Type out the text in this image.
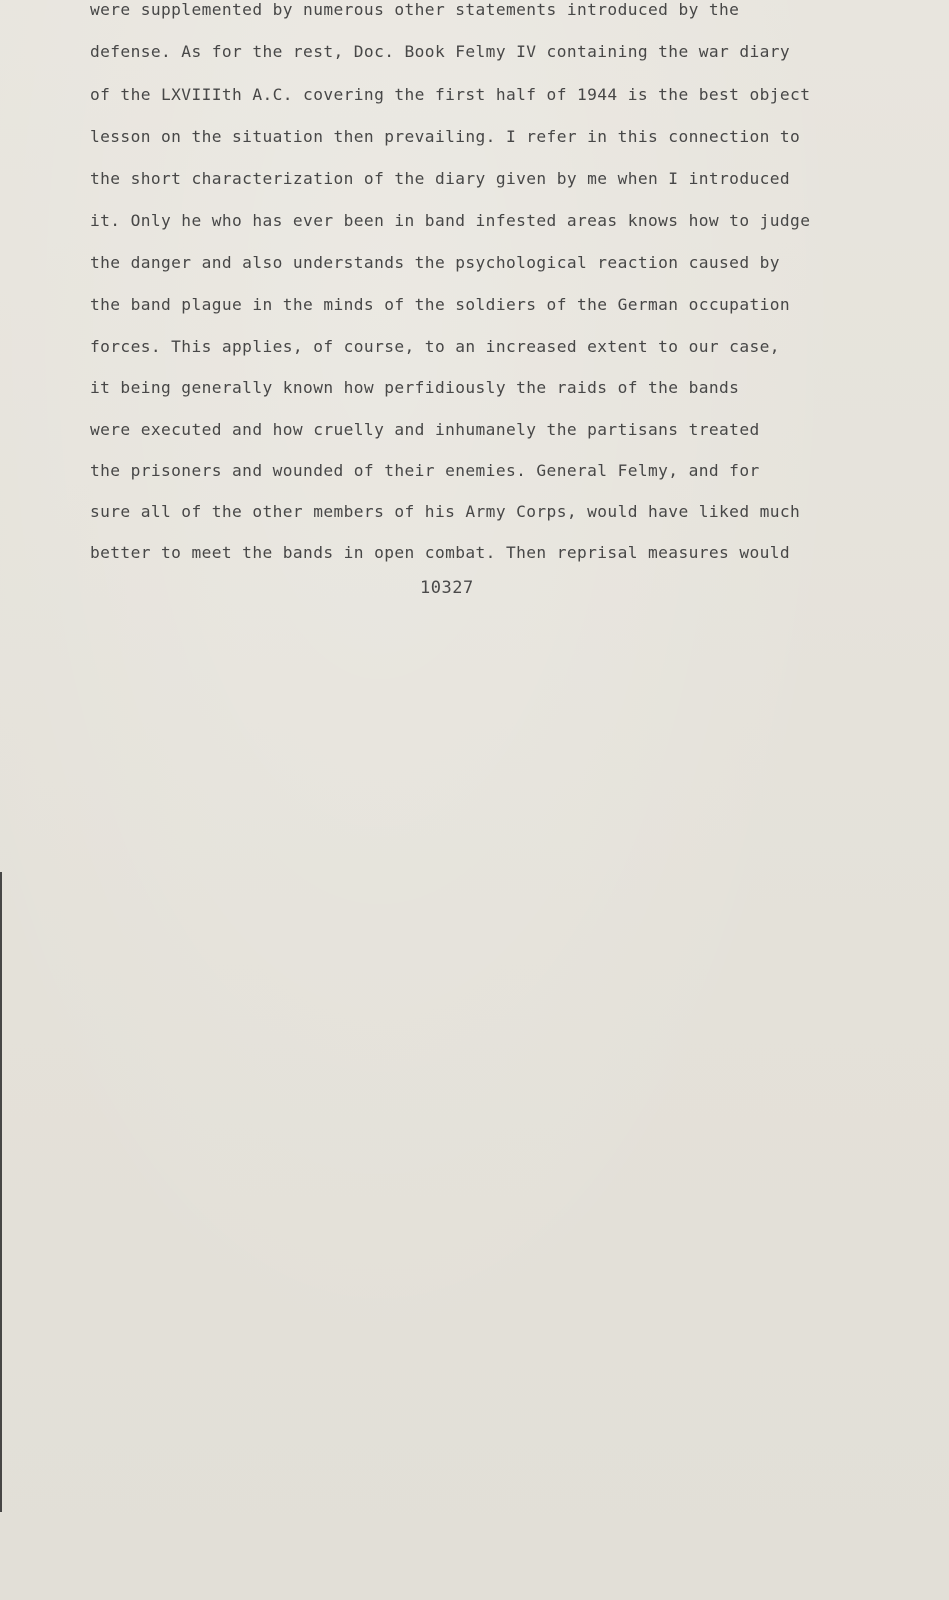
were supplemented by numerous other statements introduced by the
defense. As for the rest, Doc. Book Felmy IV containing the war diary
of the LXVIIIth A.C. covering the first half of 1944 is the best object
lesson on the situation then prevailing. I refer in this connection to
the short characterization of the diary given by me when I introduced
it. Only he who has ever been in band infested areas knows how to judge
the danger and also understands the psychological reaction caused by
the band plague in the minds of the soldiers of the German occupation
forces. This applies, of course, to an increased extent to our case,
it being generally known how perfidiously the raids of the bands
were executed and how cruelly and inhumanely the partisans treated
the prisoners and wounded of their enemies. General Felmy, and for
sure all of the other members of his Army Corps, would have liked much
better to meet the bands in open combat. Then reprisal measures would
10327
